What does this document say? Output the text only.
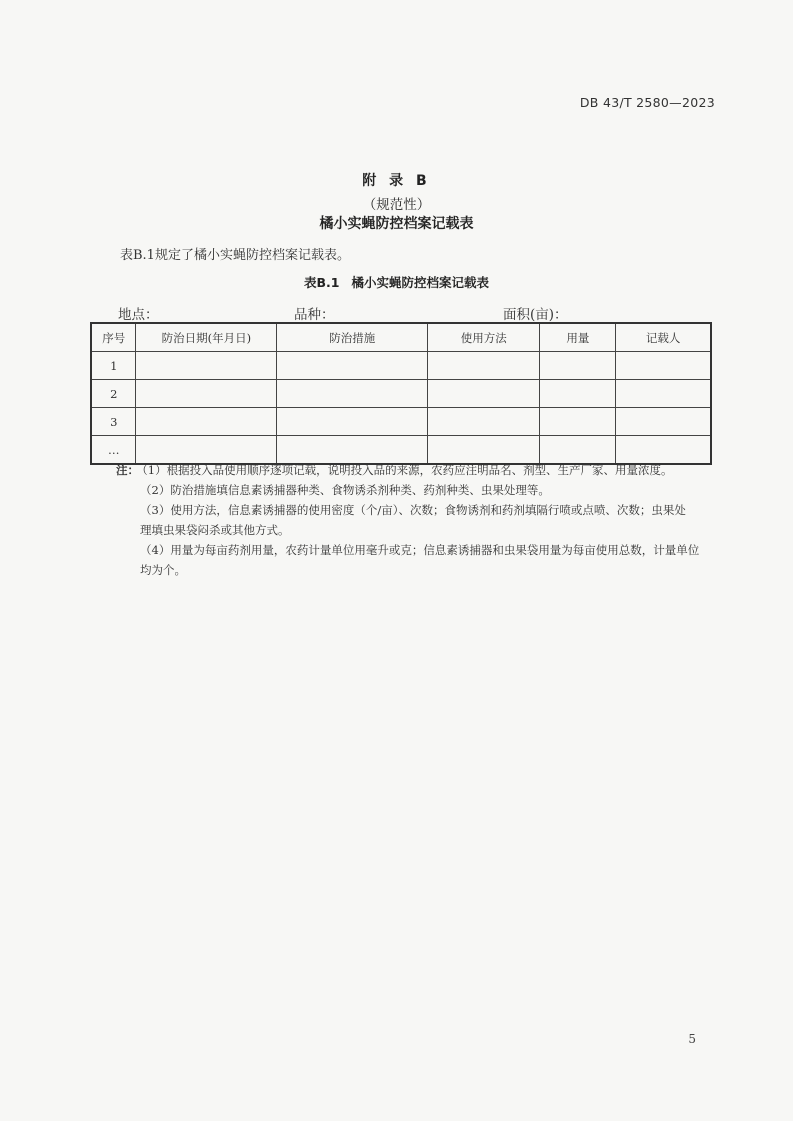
DB 43/T 2580—2023
附 录 B
（规范性）
橘小实蝇防控档案记载表
表B.1规定了橘小实蝇防控档案记载表。
表B.1 橘小实蝇防控档案记载表
地点：	品种：	面积(亩)：
序号	防治日期(年月日)	防治措施	使用方法	用量	记载人
1					
2					
3					
…					

注： （1）根据投入品使用顺序逐项记载，说明投入品的来源，农药应注明品名、剂型、生产厂家、用量浓度。

（2）防治措施填信息素诱捕器种类、食物诱杀剂种类、药剂种类、虫果处理等。

（3）使用方法，信息素诱捕器的使用密度（个/亩）、次数；食物诱剂和药剂填隔行喷或点喷、次数；虫果处

理填虫果袋闷杀或其他方式。

（4）用量为每亩药剂用量，农药计量单位用毫升或克；信息素诱捕器和虫果袋用量为每亩使用总数，计量单位

均为个。

5
